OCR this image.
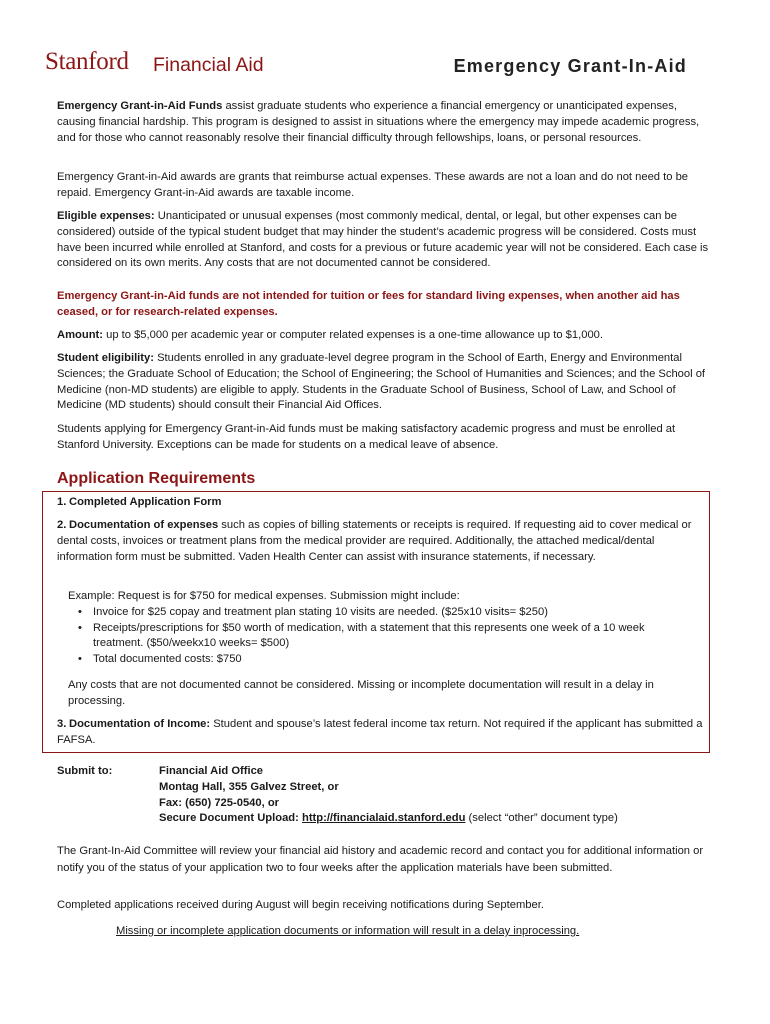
Stanford Financial Aid	Emergency Grant-In-Aid

Emergency Grant-in-Aid Funds assist graduate students who experience a financial emergency or unanticipated expenses, causing financial hardship. This program is designed to assist in situations where the emergency may impede academic progress, and for those who cannot reasonably resolve their financial difficulty through fellowships, loans, or personal resources.

Emergency Grant-in-Aid awards are grants that reimburse actual expenses. These awards are not a loan and do not need to be repaid. Emergency Grant-in-Aid awards are taxable income.

Eligible expenses: Unanticipated or unusual expenses (most commonly medical, dental, or legal, but other expenses can be considered) outside of the typical student budget that may hinder the student’s academic progress will be considered. Costs must have been incurred while enrolled at Stanford, and costs for a previous or future academic year will not be considered. Each case is considered on its own merits. Any costs that are not documented cannot be considered.

Emergency Grant-in-Aid funds are not intended for tuition or fees for standard living expenses, when another aid has ceased, or for research-related expenses.

Amount: up to $5,000 per academic year or computer related expenses is a one-time allowance up to $1,000.

Student eligibility: Students enrolled in any graduate-level degree program in the School of Earth, Energy and Environmental Sciences; the Graduate School of Education; the School of Engineering; the School of Humanities and Sciences; and the School of Medicine (non-MD students) are eligible to apply. Students in the Graduate School of Business, School of Law, and School of Medicine (MD students) should consult their Financial Aid Offices.

Students applying for Emergency Grant-in-Aid funds must be making satisfactory academic progress and must be enrolled at Stanford University. Exceptions can be made for students on a medical leave of absence.

Application Requirements

1. Completed Application Form

2. Documentation of expenses such as copies of billing statements or receipts is required. If requesting aid to cover medical or dental costs, invoices or treatment plans from the medical provider are required. Additionally, the attached medical/dental information form must be submitted. Vaden Health Center can assist with insurance statements, if necessary.

Example: Request is for $750 for medical expenses. Submission might include:

• Invoice for $25 copay and treatment plan stating 10 visits are needed. ($25x10 visits= $250)
• Receipts/prescriptions for $50 worth of medication, with a statement that this represents one week of a 10 week treatment. ($50/weekx10 weeks= $500)
• Total documented costs: $750

Any costs that are not documented cannot be considered. Missing or incomplete documentation will result in a delay in processing.

3. Documentation of Income: Student and spouse’s latest federal income tax return. Not required if the applicant has submitted a FAFSA.

Submit to:	Financial Aid Office
Montag Hall, 355 Galvez Street, or
Fax: (650) 725-0540, or
Secure Document Upload: http://financialaid.stanford.edu (select “other” document type)

The Grant-In-Aid Committee will review your financial aid history and academic record and contact you for additional information or notify you of the status of your application two to four weeks after the application materials have been submitted.

Completed applications received during August will begin receiving notifications during September.

Missing or incomplete application documents or information will result in a delay inprocessing.
